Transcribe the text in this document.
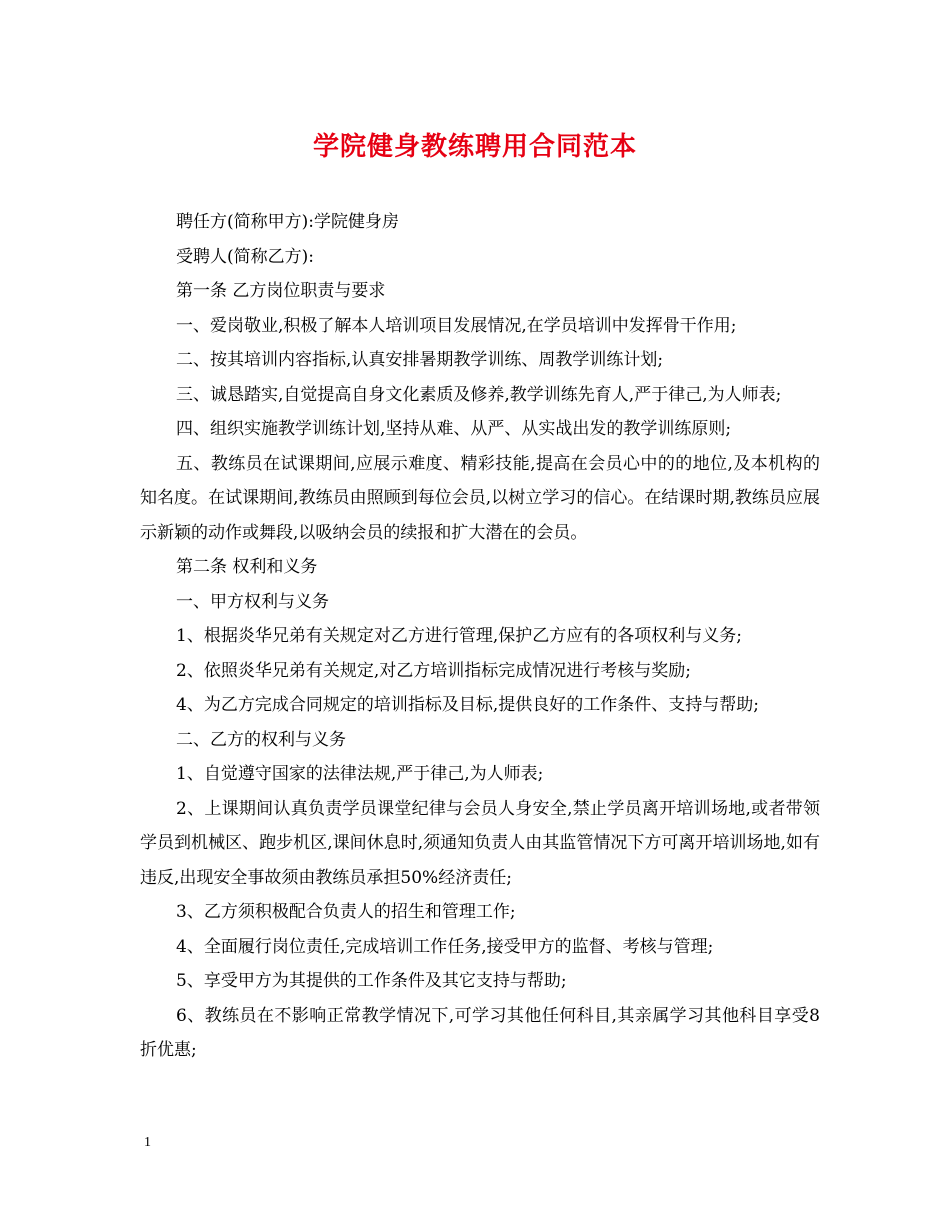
学院健身教练聘用合同范本

聘任方(简称甲方):学院健身房

受聘人(简称乙方):

第一条 乙方岗位职责与要求

一、爱岗敬业,积极了解本人培训项目发展情况,在学员培训中发挥骨干作用;

二、按其培训内容指标,认真安排暑期教学训练、周教学训练计划;

三、诚恳踏实,自觉提高自身文化素质及修养,教学训练先育人,严于律己,为人师表;

四、组织实施教学训练计划,坚持从难、从严、从实战出发的教学训练原则;

五、教练员在试课期间,应展示难度、精彩技能,提高在会员心中的的地位,及本机构的知名度。在试课期间,教练员由照顾到每位会员,以树立学习的信心。在结课时期,教练员应展示新颖的动作或舞段,以吸纳会员的续报和扩大潜在的会员。

第二条 权利和义务

一、甲方权利与义务

1、根据炎华兄弟有关规定对乙方进行管理,保护乙方应有的各项权利与义务;

2、依照炎华兄弟有关规定,对乙方培训指标完成情况进行考核与奖励;

4、为乙方完成合同规定的培训指标及目标,提供良好的工作条件、支持与帮助;

二、乙方的权利与义务

1、自觉遵守国家的法律法规,严于律己,为人师表;

2、上课期间认真负责学员课堂纪律与会员人身安全,禁止学员离开培训场地,或者带领学员到机械区、跑步机区,课间休息时,须通知负责人由其监管情况下方可离开培训场地,如有违反,出现安全事故须由教练员承担50%经济责任;

3、乙方须积极配合负责人的招生和管理工作;

4、全面履行岗位责任,完成培训工作任务,接受甲方的监督、考核与管理;

5、享受甲方为其提供的工作条件及其它支持与帮助;

6、教练员在不影响正常教学情况下,可学习其他任何科目,其亲属学习其他科目享受8折优惠;

1
